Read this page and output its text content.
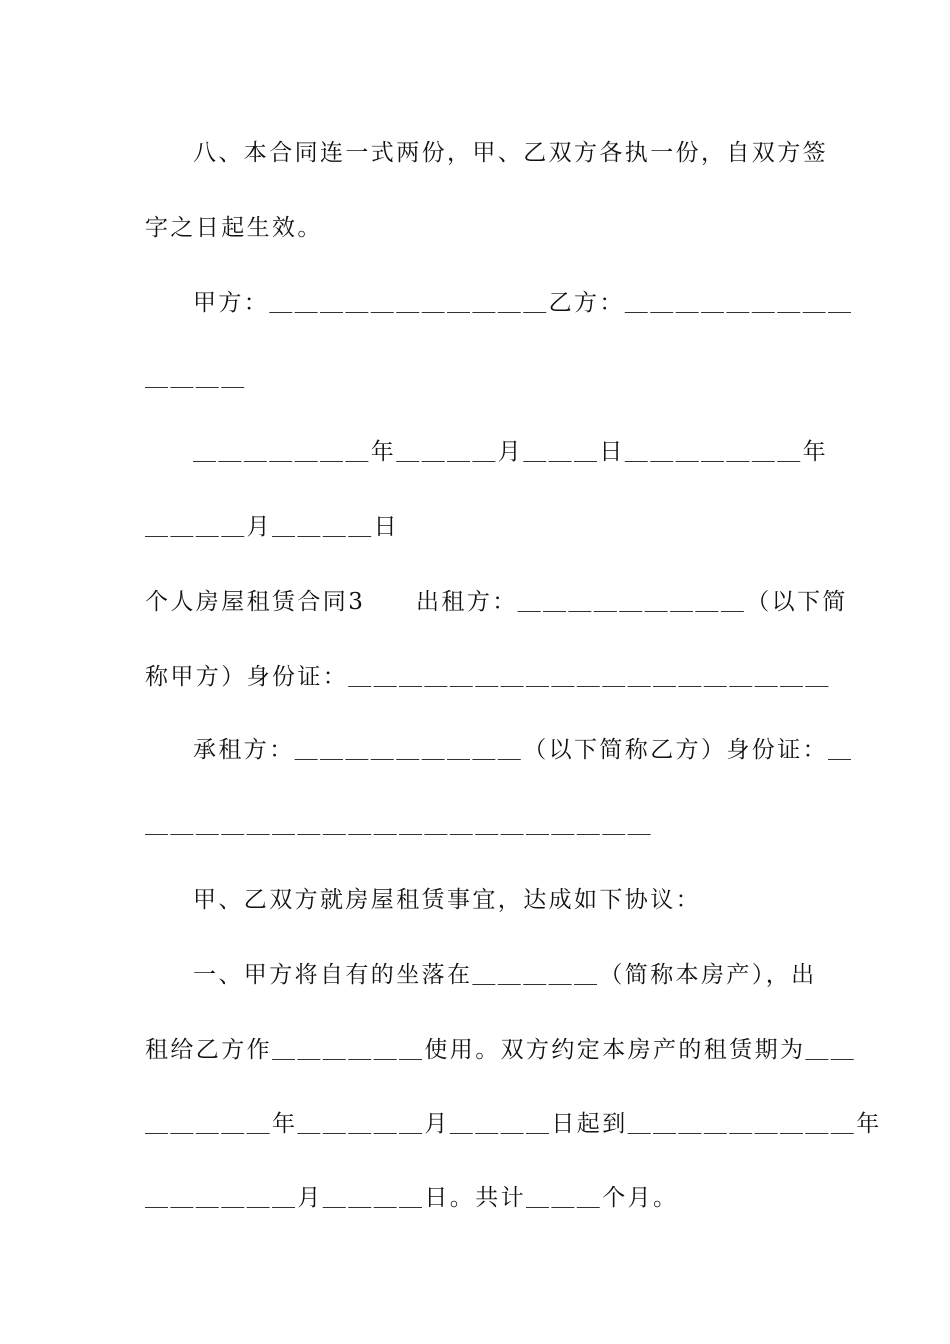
八、本合同连一式两份，甲、乙双方各执一份，自双方签
字之日起生效。
甲方：＿＿＿＿＿＿＿＿＿＿＿乙方：＿＿＿＿＿＿＿＿＿
＿＿＿＿
＿＿＿＿＿＿＿年＿＿＿＿月＿＿＿日＿＿＿＿＿＿＿年
＿＿＿＿月＿＿＿＿日
个人房屋租赁合同3　　出租方：＿＿＿＿＿＿＿＿＿（以下简
称甲方）身份证：＿＿＿＿＿＿＿＿＿＿＿＿＿＿＿＿＿＿＿
承租方：＿＿＿＿＿＿＿＿＿（以下简称乙方）身份证：＿
＿＿＿＿＿＿＿＿＿＿＿＿＿＿＿＿＿＿＿＿
甲、乙双方就房屋租赁事宜，达成如下协议：
一、甲方将自有的坐落在＿＿＿＿＿（简称本房产），出
租给乙方作＿＿＿＿＿＿使用。双方约定本房产的租赁期为＿＿
＿＿＿＿＿年＿＿＿＿＿月＿＿＿＿日起到＿＿＿＿＿＿＿＿＿年
＿＿＿＿＿＿月＿＿＿＿日。共计＿＿＿个月。
